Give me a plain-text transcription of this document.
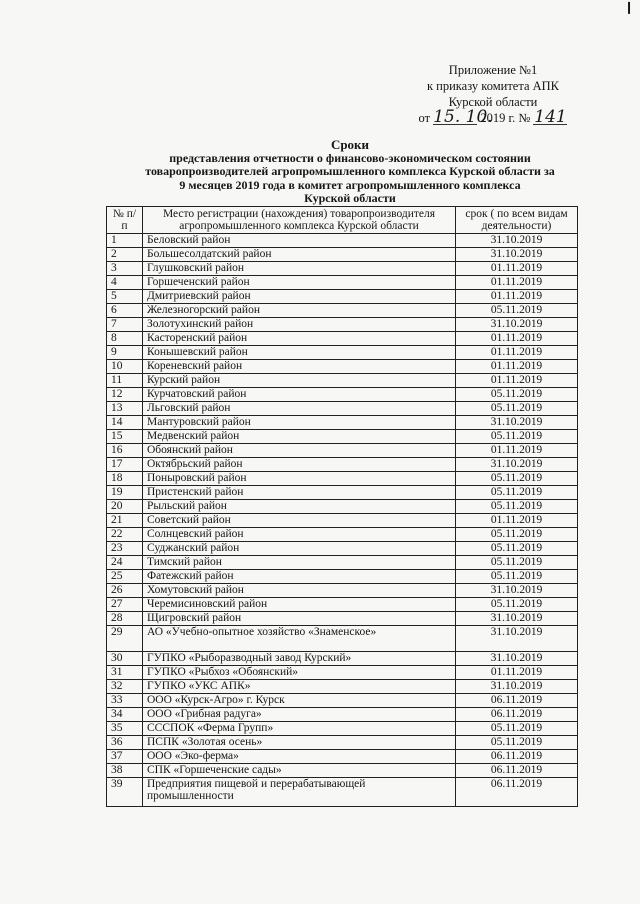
❙
Приложение №1
к приказу комитета АПК
Курской области
от 15. 10. 2019 г. № 141
Сроки
представления отчетности о финансово-экономическом состоянии
товаропроизводителей агропромышленного комплекса Курской области за
9 месяцев 2019 года в комитет агропромышленного комплекса
Курской области
№ п/п	Место регистрации (нахождения) товаропроизводителя агропромышленного комплекса Курской области	срок ( по всем видам деятельности)
1	Беловский район	31.10.2019
2	Большесолдатский район	31.10.2019
3	Глушковский район	01.11.2019
4	Горшеченский район	01.11.2019
5	Дмитриевский район	01.11.2019
6	Железногорский район	05.11.2019
7	Золотухинский район	31.10.2019
8	Касторенский район	01.11.2019
9	Конышевский район	01.11.2019
10	Кореневский район	01.11.2019
11	Курский район	01.11.2019
12	Курчатовский район	05.11.2019
13	Льговский район	05.11.2019
14	Мантуровский район	31.10.2019
15	Медвенский район	05.11.2019
16	Обоянский район	01.11.2019
17	Октябрьский район	31.10.2019
18	Поныровский район	05.11.2019
19	Пристенский район	05.11.2019
20	Рыльский район	05.11.2019
21	Советский район	01.11.2019
22	Солнцевский район	05.11.2019
23	Суджанский район	05.11.2019
24	Тимский район	05.11.2019
25	Фатежский район	05.11.2019
26	Хомутовский район	31.10.2019
27	Черемисиновский район	05.11.2019
28	Щигровский район	31.10.2019
29	АО «Учебно-опытное хозяйство «Знаменское»	31.10.2019
30	ГУПКО «Рыборазводный завод Курский»	31.10.2019
31	ГУПКО «Рыбхоз «Обоянский»	01.11.2019
32	ГУПКО «УКС АПК»	31.10.2019
33	ООО «Курск-Агро» г. Курск	06.11.2019
34	ООО «Грибная радуга»	06.11.2019
35	СССПОК «Ферма Групп»	05.11.2019
36	ПСПК «Золотая осень»	05.11.2019
37	ООО «Эко-ферма»	06.11.2019
38	СПК «Горшеченские сады»	06.11.2019
39	Предприятия пищевой и перерабатывающей промышленности	06.11.2019
